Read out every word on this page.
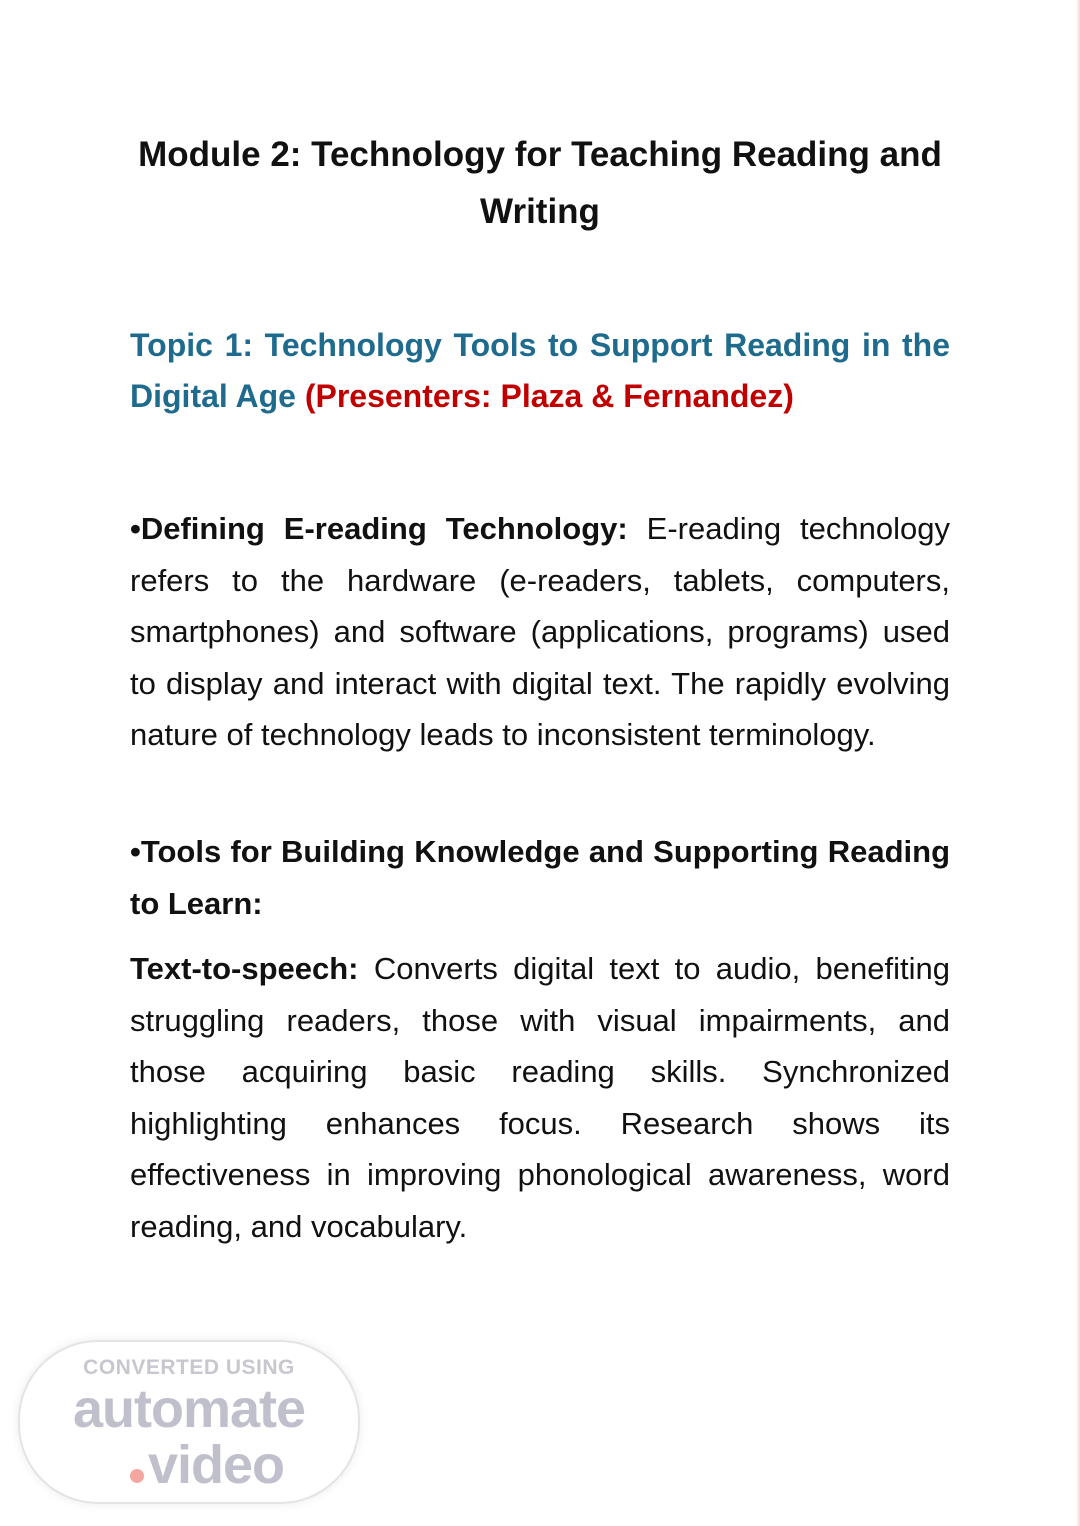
Module 2: Technology for Teaching Reading and Writing

Topic 1: Technology Tools to Support Reading in the Digital Age (Presenters: Plaza & Fernandez)

•Defining E-reading Technology: E-reading technology refers to the hardware (e-readers, tablets, computers, smartphones) and software (applications, programs) used to display and interact with digital text. The rapidly evolving nature of technology leads to inconsistent terminology.

•Tools for Building Knowledge and Supporting Reading to Learn:

Text-to-speech: Converts digital text to audio, benefiting struggling readers, those with visual impairments, and those acquiring basic reading skills. Synchronized highlighting enhances focus. Research shows its effectiveness in improving phonological awareness, word reading, and vocabulary.

CONVERTED USING
automate
video
